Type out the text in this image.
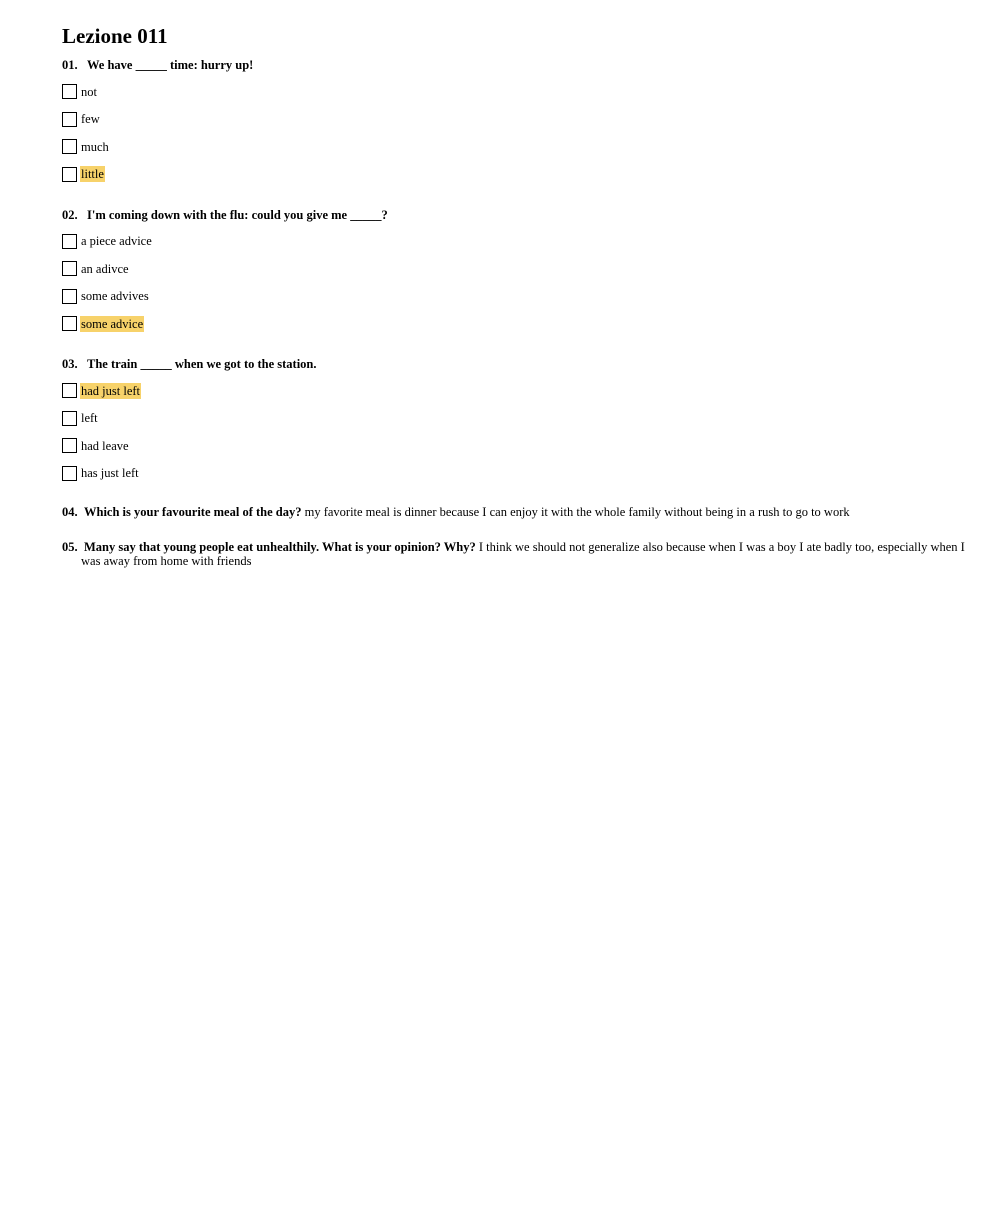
Lezione 011
01. We have _____ time: hurry up!
not
few
much
little
02. I'm coming down with the flu: could you give me _____?
a piece advice
an adivce
some advives
some advice
03. The train _____ when we got to the station.
had just left
left
had leave
has just left
04. Which is your favourite meal of the day? my favorite meal is dinner because I can enjoy it with the whole family without being in a rush to go to work
05. Many say that young people eat unhealthily. What is your opinion? Why? I think we should not generalize also because when I was a boy I ate badly too, especially when I was away from home with friends
